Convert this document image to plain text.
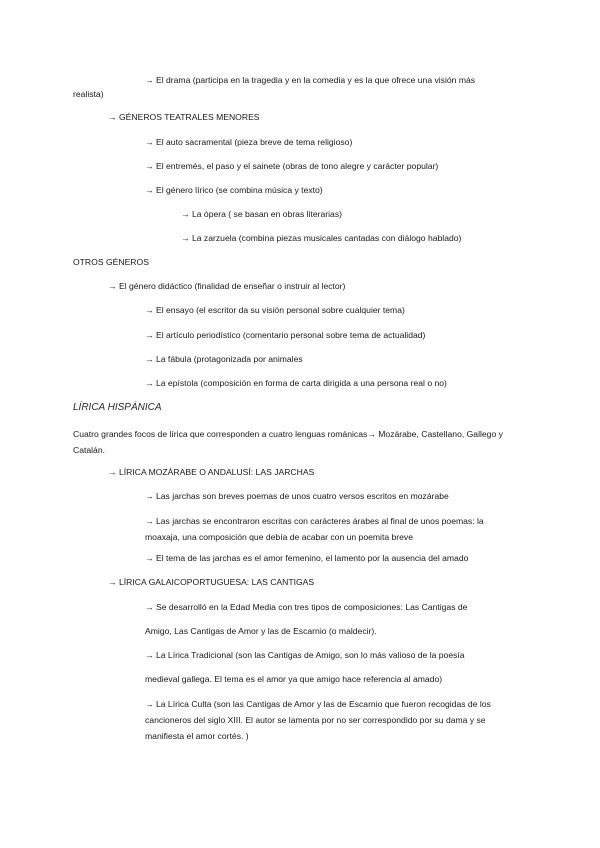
→ El drama (participa en la tragedia y en la comedia y es la que ofrece una visión más
realista)
→ GÉNEROS TEATRALES MENORES
→ El auto sacramental (pieza breve de tema religioso)
→ El entremés, el paso y el sainete (obras de tono alegre y carácter popular)
→ El género lírico (se combina música y texto)
→ La ópera ( se basan en obras literarias)
→ La zarzuela (combina piezas musicales cantadas con diálogo hablado)
OTROS GÉNEROS
→ El género didáctico (finalidad de enseñar o instruir al lector)
→ El ensayo (el escritor da su visión personal sobre cualquier tema)
→ El artículo periodístico (comentario personal sobre tema de actualidad)
→ La fábula (protagonizada por animales
→ La epístola (composición en forma de carta dirigida a una persona real o no)
LÍRICA HISPÁNICA
Cuatro grandes focos de lírica que corresponden a cuatro lenguas románicas→ Mozárabe, Castellano, Gallego y Catalán.
→ LÍRICA MOZÁRABE O ANDALUSÍ: LAS JARCHAS
→ Las jarchas son breves poemas de unos cuatro versos escritos en mozárabe
→ Las jarchas se encontraron escritas con carácteres árabes al final de unos poemas: la moaxaja, una composición que debía de acabar con un poemita breve
→ El tema de las jarchas es el amor femenino, el lamento por la ausencia del amado
→ LÍRICA GALAICOPORTUGUESA: LAS CANTIGAS
→ Se desarrolló en la Edad Media con tres tipos de composiciones: Las Cantigas de
Amigo, Las Cantigas de Amor y las de Escarnio (o maldecir).
→ La Lírica Tradicional (son las Cantigas de Amigo, son lo más valioso de la poesía
medieval gallega. El tema es el amor ya que amigo hace referencia al amado)
→ La Lírica Culta (son las Cantigas de Amor y las de Escarnio que fueron recogidas de los cancioneros del siglo XIII. El autor se lamenta por no ser correspondido por su dama y se manifiesta el amor cortés. )
